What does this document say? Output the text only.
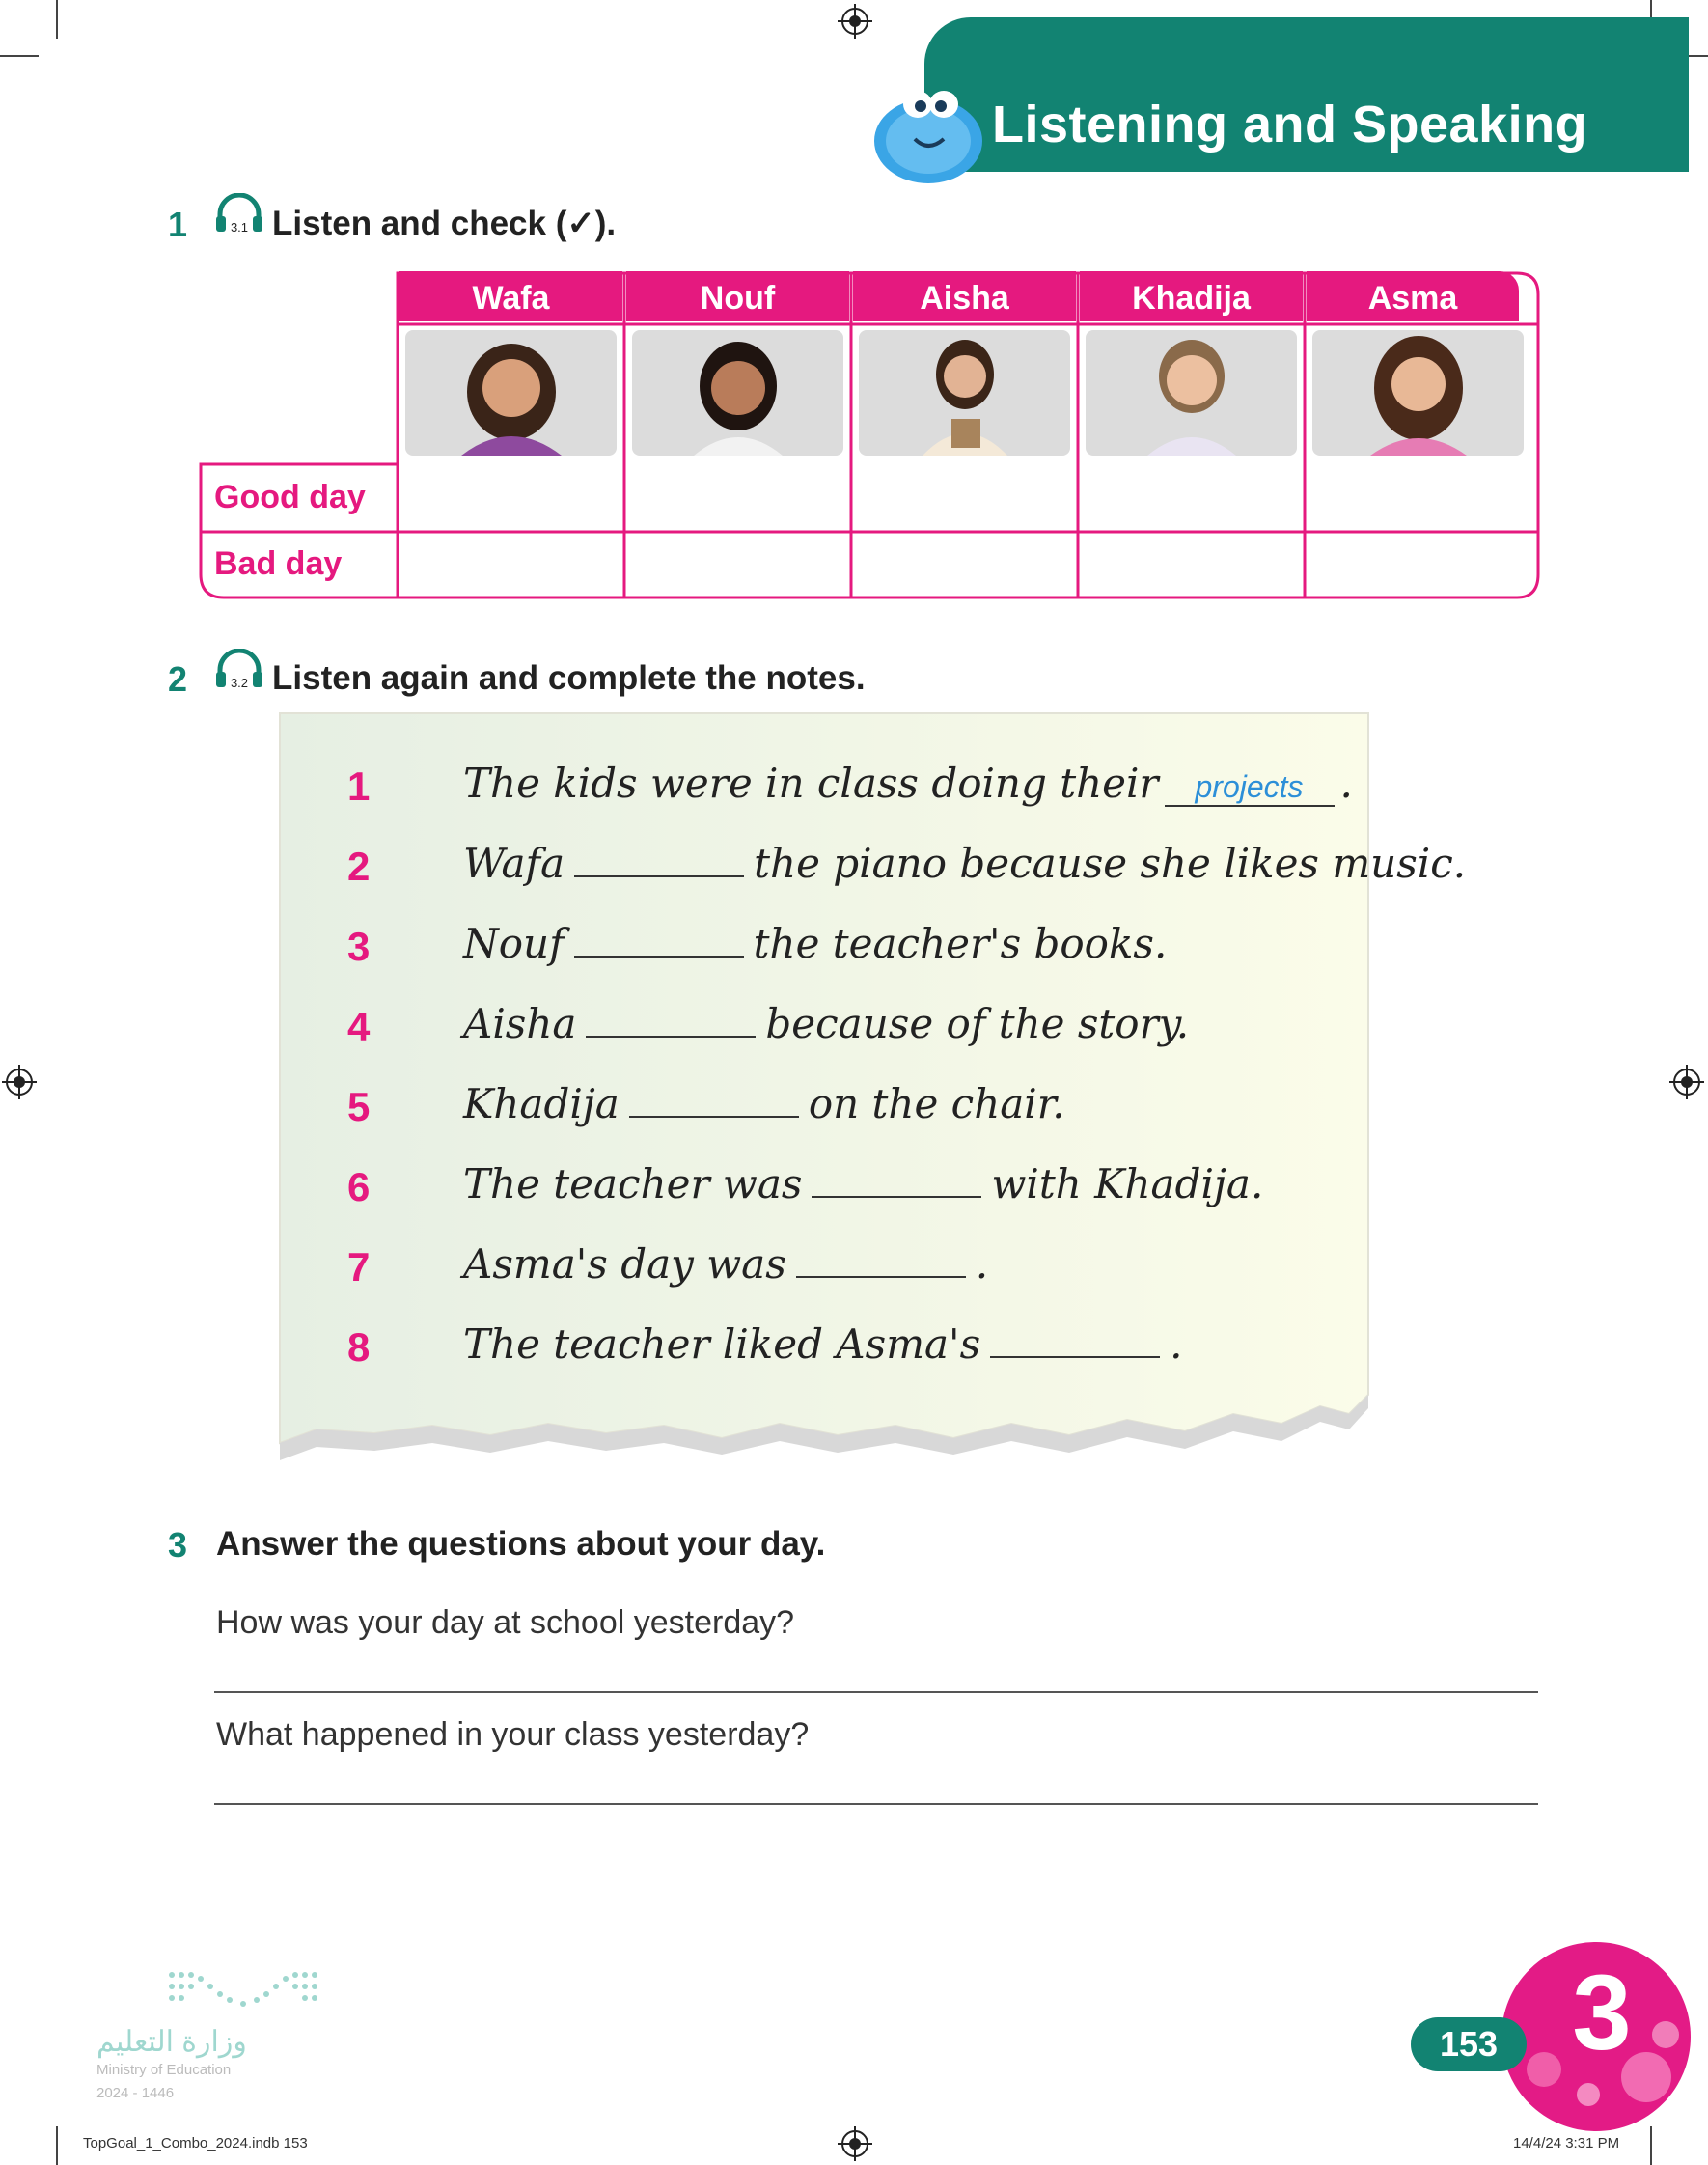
Listening and Speaking
1	3.1 Listen and check (✓).
Wafa	Nouf	Aisha	Khadija	Asma
Good day
Bad day
2	3.2 Listen again and complete the notes.
1 The kids were in class doing their projects .
2 Wafa	the piano because she likes music.
3 Nouf	the teacher's books.
4 Aisha	because of the story.
5 Khadija	on the chair.
6 The teacher was	with Khadija.
7 Asma's day was	.
8 The teacher liked Asma's	.
3 Answer the questions about your day.
How was your day at school yesterday?
What happened in your class yesterday?
وزارة التعليم
Ministry of Education
2024 - 1446
3
153
TopGoal_1_Combo_2024.indb 153	14/4/24 3:31 PM
